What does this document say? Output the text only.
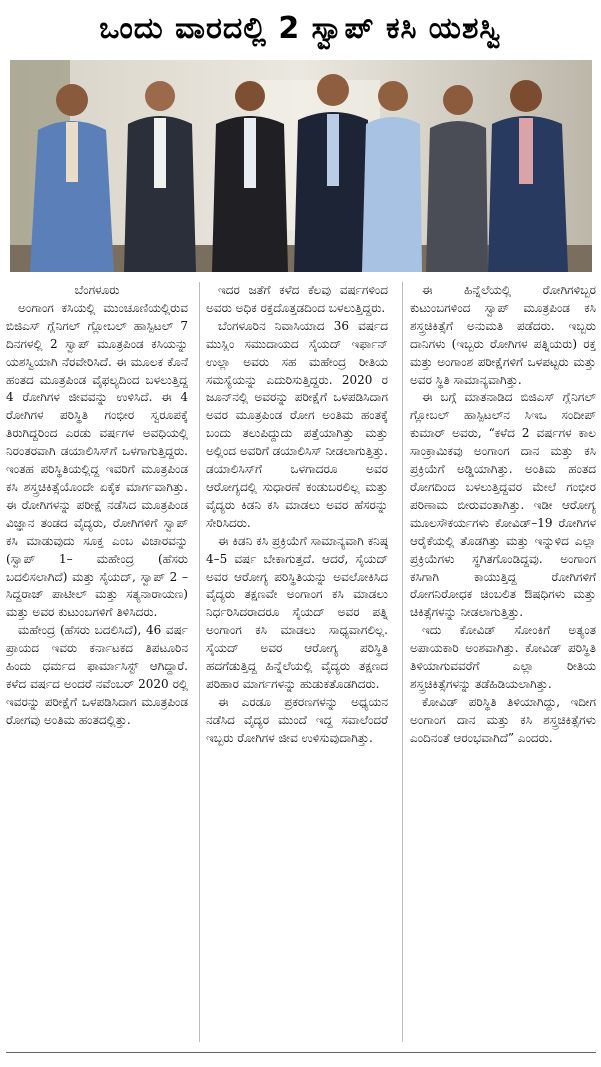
ಒಂದು ವಾರದಲ್ಲಿ 2 ಸ್ವಾಪ್ ಕಸಿ ಯಶಸ್ವಿ

ಬೆಂಗಳೂರು

ಅಂಗಾಂಗ ಕಸಿಯಲ್ಲಿ ಮುಂಚೂಣಿಯಲ್ಲಿರುವ ಬಿಜಿಎಸ್ ಗ್ಲೆನಿಗಲ್ ಗ್ಲೋಬಲ್ ಹಾಸ್ಪಿಟಲ್ 7 ದಿನಗಳಲ್ಲಿ 2 ಸ್ವಾಪ್ ಮೂತ್ರಪಿಂಡ ಕಸಿಯನ್ನು ಯಶಸ್ವಿಯಾಗಿ ನೆರವೇರಿಸಿದೆ. ಈ ಮೂಲಕ ಕೊನೆ ಹಂತದ ಮೂತ್ರಪಿಂಡ ವೈಫಲ್ಯದಿಂದ ಬಳಲುತ್ತಿದ್ದ 4 ರೋಗಿಗಳ ಜೀವವನ್ನು ಉಳಿಸಿದೆ. ಈ 4 ರೋಗಿಗಳ ಪರಿಸ್ಥಿತಿ ಗಂಭೀರ ಸ್ವರೂಪಕ್ಕೆ ತಿರುಗಿದ್ದರಿಂದ ಎರಡು ವರ್ಷಗಳ ಅವಧಿಯಲ್ಲಿ ನಿರಂತರವಾಗಿ ಡಯಾಲಿಸಿಸ್‌ಗೆ ಒಳಗಾಗುತ್ತಿದ್ದರು. ಇಂತಹ ಪರಿಸ್ಥಿತಿಯಲ್ಲಿದ್ದ ಇವರಿಗೆ ಮೂತ್ರಪಿಂಡ ಕಸಿ ಶಸ್ತ್ರಚಿಕಿತ್ಸೆಯೊಂದೇ ಏಕೈಕ ಮಾರ್ಗವಾಗಿತ್ತು. ಈ ರೋಗಿಗಳನ್ನು ಪರೀಕ್ಷೆ ನಡೆಸಿದ ಮೂತ್ರಪಿಂಡ ವಿಜ್ಞಾನ ತಂಡದ ವೈದ್ಯರು, ರೋಗಿಗಳಿಗೆ ಸ್ವಾಪ್ ಕಸಿ ಮಾಡುವುದು ಸೂಕ್ತ ಎಂಬ ವಿಚಾರವನ್ನು (ಸ್ವಾಪ್ 1– ಮಹೇಂದ್ರ (ಹೆಸರು ಬದಲಿಸಲಾಗಿದೆ) ಮತ್ತು ಸೈಯದ್, ಸ್ವಾಪ್ 2 – ಸಿದ್ದರಾಜ್ ಪಾಟೀಲ್ ಮತ್ತು ಸತ್ಯನಾರಾಯಣ) ಮತ್ತು ಅವರ ಕುಟುಂಬಗಳಿಗೆ ತಿಳಿಸಿದರು.

ಮಹೇಂದ್ರ (ಹೆಸರು ಬದಲಿಸಿದೆ), 46 ವರ್ಷ ಪ್ರಾಯದ ಇವರು ಕರ್ನಾಟಕದ ತಿಪಟೂರಿನ ಹಿಂದು ಧರ್ಮದ ಫಾರ್ಮಾಸಿಸ್ಟ್ ಆಗಿದ್ದಾರೆ. ಕಳೆದ ವರ್ಷದ ಅಂದರೆ ನವೆಂಬರ್ 2020 ರಲ್ಲಿ ಇವರನ್ನು ಪರೀಕ್ಷೆಗೆ ಒಳಪಡಿಸಿದಾಗ ಮೂತ್ರಪಿಂಡ ರೋಗವು ಅಂತಿಮ ಹಂತದಲ್ಲಿತ್ತು.

ಇದರ ಜತೆಗೆ ಕಳೆದ ಕೆಲವು ವರ್ಷಗಳಿಂದ ಅವರು ಅಧಿಕ ರಕ್ತದೊತ್ತಡದಿಂದ ಬಳಲುತ್ತಿದ್ದರು.

ಬೆಂಗಳೂರಿನ ನಿವಾಸಿಯಾದ 36 ವರ್ಷದ ಮುಸ್ಲಿಂ ಸಮುದಾಯದ ಸೈಯದ್ ಇರ್ಫಾನ್ ಉಲ್ಲಾ ಅವರು ಸಹ ಮಹೇಂದ್ರ ರೀತಿಯ ಸಮಸ್ಯೆಯನ್ನು ಎದುರಿಸುತ್ತಿದ್ದರು. 2020 ರ ಜೂನ್‌ನಲ್ಲಿ ಅವರನ್ನು ಪರೀಕ್ಷೆಗೆ ಒಳಪಡಿಸಿದಾಗ ಅವರ ಮೂತ್ರಪಿಂಡ ರೋಗ ಅಂತಿಮ ಹಂತಕ್ಕೆ ಬಂದು ತಲುಪಿದ್ದುದು ಪತ್ತೆಯಾಗಿತ್ತು ಮತ್ತು ಅಲ್ಲಿಂದ ಅವರಿಗೆ ಡಯಾಲಿಸಿಸ್ ನೀಡಲಾಗುತ್ತಿತ್ತು. ಡಯಾಲಿಸಿಸ್‌ಗೆ ಒಳಗಾದರೂ ಅವರ ಆರೋಗ್ಯದಲ್ಲಿ ಸುಧಾರಣೆ ಕಂಡುಬರಲಿಲ್ಲ ಮತ್ತು ವೈದ್ಯರು ಕಿಡನಿ ಕಸಿ ಮಾಡಲು ಅವರ ಹೆಸರನ್ನು ಸೇರಿಸಿದರು.

ಈ ಕಿಡನಿ ಕಸಿ ಪ್ರಕ್ರಿಯೆಗೆ ಸಾಮಾನ್ಯವಾಗಿ ಕನಿಷ್ಠ 4–5 ವರ್ಷ ಬೇಕಾಗುತ್ತದೆ. ಆದರೆ, ಸೈಯದ್ ಅವರ ಆರೋಗ್ಯ ಪರಿಸ್ಥಿತಿಯನ್ನು ಅವಲೋಕಿಸಿದ ವೈದ್ಯರು ತಕ್ಷಣವೇ ಅಂಗಾಂಗ ಕಸಿ ಮಾಡಲು ನಿರ್ಧರಿಸಿದರಾದರೂ ಸೈಯದ್ ಅವರ ಪತ್ನಿ ಅಂಗಾಂಗ ಕಸಿ ಮಾಡಲು ಸಾಧ್ಯವಾಗಲಿಲ್ಲ. ಸೈಯದ್ ಅವರ ಆರೋಗ್ಯ ಪರಿಸ್ಥಿತಿ ಹದಗೆಡುತ್ತಿದ್ದ ಹಿನ್ನೆಲೆಯಲ್ಲಿ ವೈದ್ಯರು ತಕ್ಷಣದ ಪರಿಹಾರ ಮಾರ್ಗಗಳನ್ನು ಹುಡುಕತೊಡಗಿದರು.

ಈ ಎರಡೂ ಪ್ರಕರಣಗಳನ್ನು ಅಧ್ಯಯನ ನಡೆಸಿದ ವೈದ್ಯರ ಮುಂದೆ ಇದ್ದ ಸವಾಲೆಂದರೆ ಇಬ್ಬರು ರೋಗಿಗಳ ಜೀವ ಉಳಿಸುವುದಾಗಿತ್ತು.

ಈ ಹಿನ್ನೆಲೆಯಲ್ಲಿ ರೋಗಿಗಳಿಬ್ಬರ ಕುಟುಂಬಗಳಿಂದ ಸ್ವಾಪ್ ಮೂತ್ರಪಿಂಡ ಕಸಿ ಶಸ್ತ್ರಚಿಕಿತ್ಸೆಗೆ ಅನುಮತಿ ಪಡೆದರು. ಇಬ್ಬರು ದಾನಿಗಳು (ಇಬ್ಬರು ರೋಗಿಗಳ ಪತ್ನಿಯರು) ರಕ್ತ ಮತ್ತು ಅಂಗಾಂಶ ಪರೀಕ್ಷೆಗಳಿಗೆ ಒಳಪಟ್ಟರು ಮತ್ತು ಅವರ ಸ್ಥಿತಿ ಸಾಮಾನ್ಯವಾಗಿತ್ತು.

ಈ ಬಗ್ಗೆ ಮಾತನಾಡಿದ ಬಿಜಿಎಸ್ ಗ್ಲೆನಿಗಲ್ ಗ್ಲೋಬಲ್ ಹಾಸ್ಪಿಟಲ್‌ನ ಸಿಇಒ ಸಂದೀಪ್ ಕುಮಾರ್ ಅವರು, “ಕಳೆದ 2 ವರ್ಷಗಳ ಕಾಲ ಸಾಂಕ್ರಾಮಿಕವು ಅಂಗಾಂಗ ದಾನ ಮತ್ತು ಕಸಿ ಪ್ರಕ್ರಿಯೆಗೆ ಅಡ್ಡಿಯಾಗಿತ್ತು. ಅಂತಿಮ ಹಂತದ ರೋಗದಿಂದ ಬಳಲುತ್ತಿದ್ದವರ ಮೇಲೆ ಗಂಭೀರ ಪರಿಣಾಮ ಬೀರುವಂತಾಗಿತ್ತು. ಇಡೀ ಆರೋಗ್ಯ ಮೂಲಸೌಕರ್ಯಗಳು ಕೋವಿಡ್–19 ರೋಗಿಗಳ ಆರೈಕೆಯಲ್ಲಿ ತೊಡಗಿತ್ತು ಮತ್ತು ಇನ್ನುಳಿದ ಎಲ್ಲಾ ಪ್ರಕ್ರಿಯೆಗಳು ಸ್ಥಗಿತಗೊಂಡಿದ್ದವು. ಅಂಗಾಂಗ ಕಸಿಗಾಗಿ ಕಾಯುತ್ತಿದ್ದ ರೋಗಿಗಳಿಗೆ ರೋಗನಿರೋಧಕ ಚಿಂಬಲಿತ ಔಷಧಿಗಳು ಮತ್ತು ಚಿಕಿತ್ಸೆಗಳನ್ನು ನೀಡಲಾಗುತ್ತಿತ್ತು.

ಇದು ಕೋವಿಡ್ ಸೋಂಕಿಗೆ ಅತ್ಯಂತ ಅಪಾಯಕಾರಿ ಅಂಶವಾಗಿತ್ತು. ಕೋವಿಡ್ ಪರಿಸ್ಥಿತಿ ತಿಳಿಯಾಗುವವರೆಗೆ ಎಲ್ಲಾ ರೀತಿಯ ಶಸ್ತ್ರಚಿಕಿತ್ಸೆಗಳನ್ನು ತಡೆಹಿಡಿಯಲಾಗಿತ್ತು.

ಕೋವಿಡ್ ಪರಿಸ್ಥಿತಿ ತಿಳಿಯಾಗಿದ್ದು, ಇದೀಗ ಅಂಗಾಂಗ ದಾನ ಮತ್ತು ಕಸಿ ಶಸ್ತ್ರಚಿಕಿತ್ಸೆಗಳು ಎಂದಿನಂತೆ ಆರಂಭವಾಗಿದೆ” ಎಂದರು.
